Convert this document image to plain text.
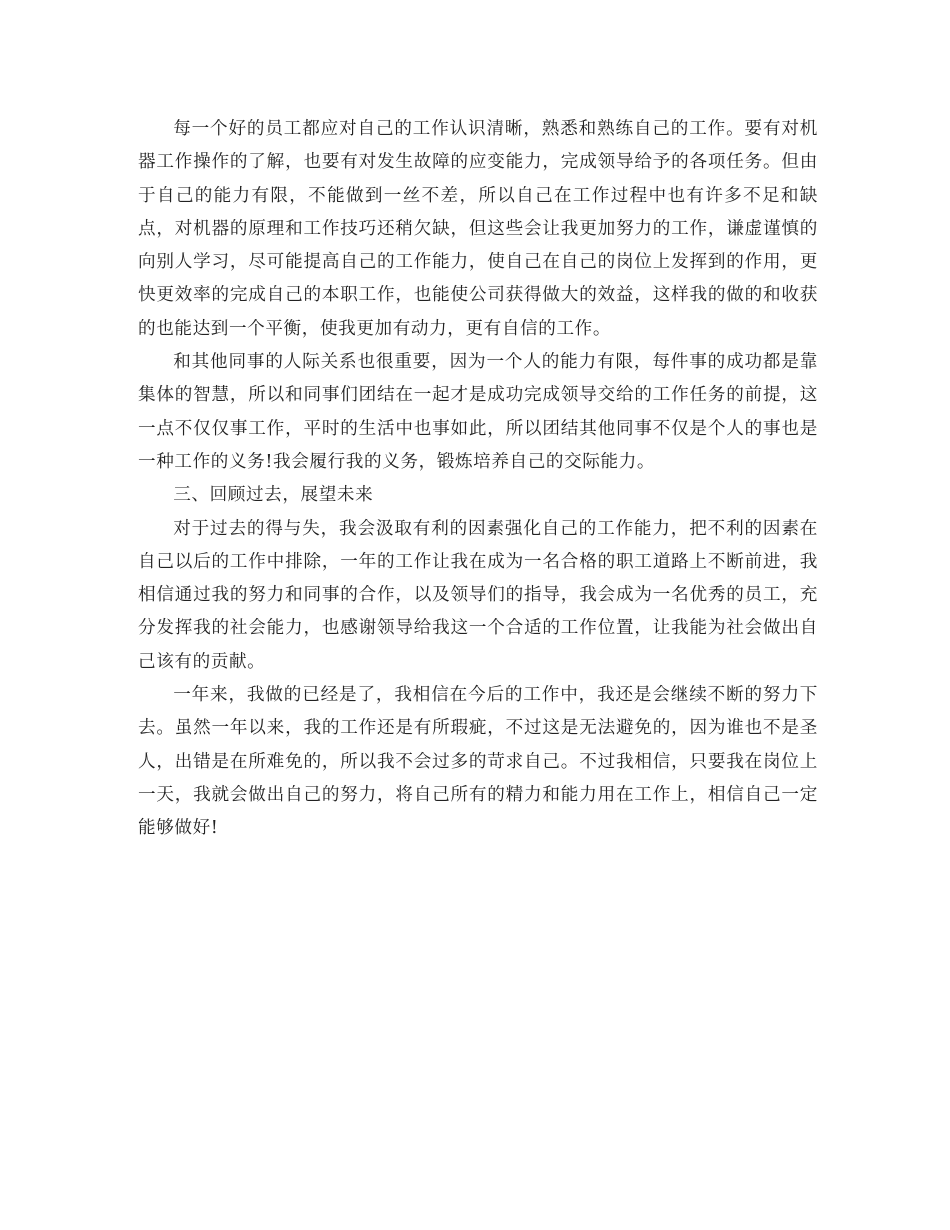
每一个好的员工都应对自己的工作认识清晰，熟悉和熟练自己的工作。要有对机器工作操作的了解，也要有对发生故障的应变能力，完成领导给予的各项任务。但由于自己的能力有限，不能做到一丝不差，所以自己在工作过程中也有许多不足和缺点，对机器的原理和工作技巧还稍欠缺，但这些会让我更加努力的工作，谦虚谨慎的向别人学习，尽可能提高自己的工作能力，使自己在自己的岗位上发挥到的作用，更快更效率的完成自己的本职工作，也能使公司获得做大的效益，这样我的做的和收获的也能达到一个平衡，使我更加有动力，更有自信的工作。

和其他同事的人际关系也很重要，因为一个人的能力有限，每件事的成功都是靠集体的智慧，所以和同事们团结在一起才是成功完成领导交给的工作任务的前提，这一点不仅仅事工作，平时的生活中也事如此，所以团结其他同事不仅是个人的事也是一种工作的义务!我会履行我的义务，锻炼培养自己的交际能力。

三、回顾过去，展望未来

对于过去的得与失，我会汲取有利的因素强化自己的工作能力，把不利的因素在自己以后的工作中排除，一年的工作让我在成为一名合格的职工道路上不断前进，我相信通过我的努力和同事的合作，以及领导们的指导，我会成为一名优秀的员工，充分发挥我的社会能力，也感谢领导给我这一个合适的工作位置，让我能为社会做出自己该有的贡献。

一年来，我做的已经是了，我相信在今后的工作中，我还是会继续不断的努力下去。虽然一年以来，我的工作还是有所瑕疵，不过这是无法避免的，因为谁也不是圣人，出错是在所难免的，所以我不会过多的苛求自己。不过我相信，只要我在岗位上一天，我就会做出自己的努力，将自己所有的精力和能力用在工作上，相信自己一定能够做好!
